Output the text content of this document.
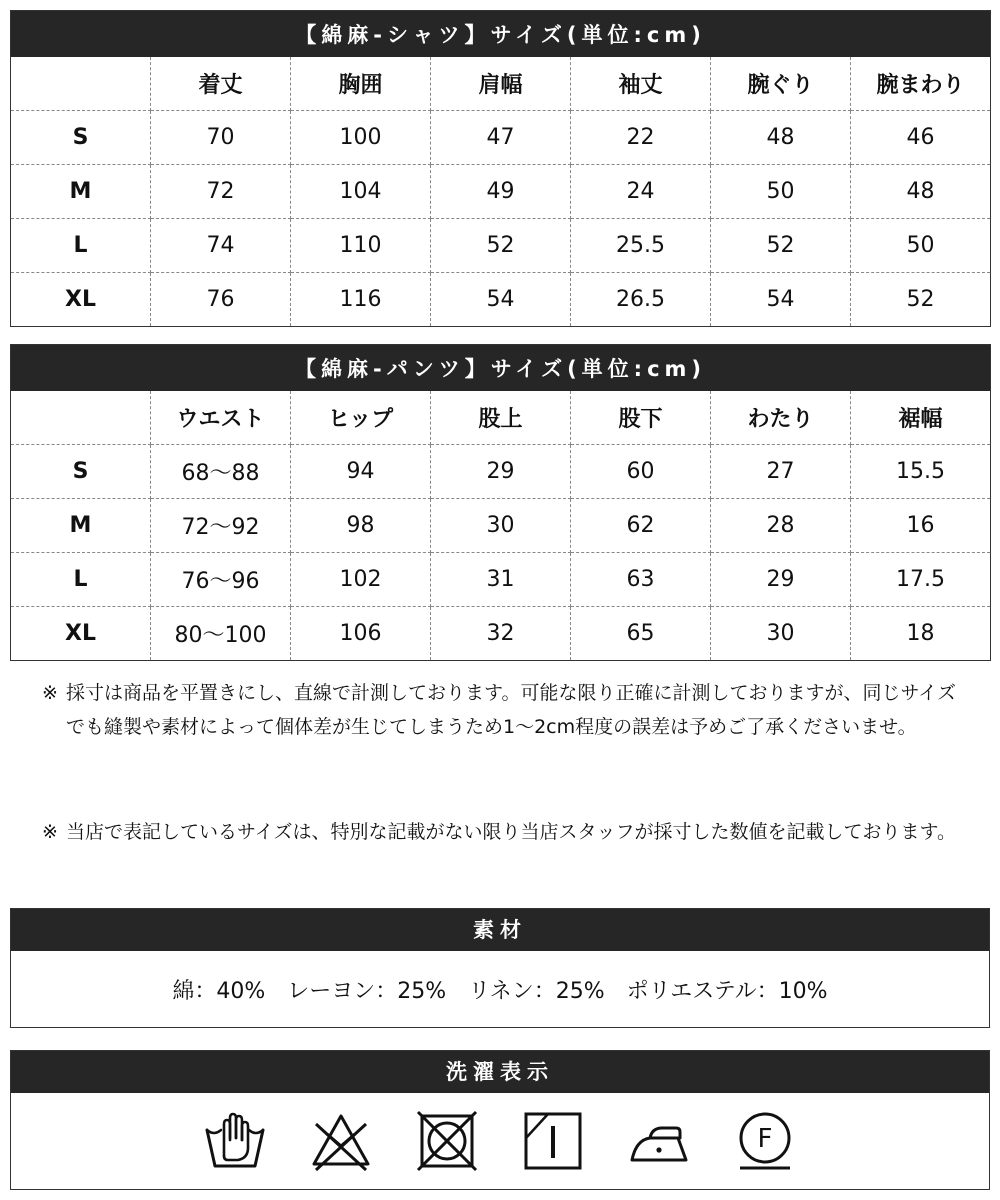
【綿麻-シャツ】サイズ(単位:cm)						
	着丈	胸囲	肩幅	袖丈	腕ぐり	腕まわり
S	70	100	47	22	48	46
M	72	104	49	24	50	48
L	74	110	52	25.5	52	50
XL	76	116	54	26.5	54	52
【綿麻-パンツ】サイズ(単位:cm)						
	ウエスト	ヒップ	股上	股下	わたり	裾幅
S	68〜88	94	29	60	27	15.5
M	72〜92	98	30	62	28	16
L	76〜96	102	31	63	29	17.5
XL	80〜100	106	32	65	30	18
※ 採寸は商品を平置きにし、直線で計測しております。可能な限り正確に計測しておりますが、同じサイズでも縫製や素材によって個体差が生じてしまうため1〜2cm程度の誤差は予めご了承くださいませ。
※ 当店で表記しているサイズは、特別な記載がない限り当店スタッフが採寸した数値を記載しております。
素材
綿：40%　レーヨン：25%　リネン：25%　ポリエステル：10%
洗濯表示
F
